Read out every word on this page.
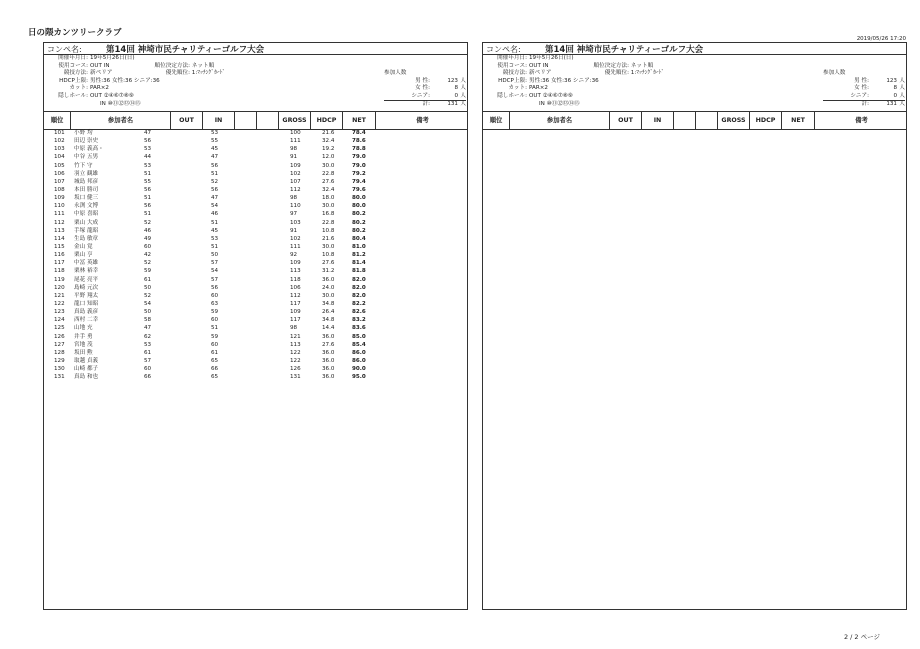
日の隈カンツリークラブ
2019/05/26 17:20
コンペ名:	第14回 神埼市民チャリティーゴルフ大会
開催年月日: 19年5月26日(日)
使用コース: OUT IN
競技方法: 新ペリア
HDCP上限: 男性:36 女性:36 シニア:36
カット: PAR×2
隠しホール: OUT ②④⑥⑦⑧⑨
IN ⑩⑪⑫⑬⑭⑮
順位決定方法: ネット順
優先順位: 1:ﾏｯﾁﾝｸﾞｶｰﾄﾞ	参加人数
男 性:	123 人
女 性:	8 人
シニア:	0 人
計:	131 人
順位	参加者名	OUT	IN	GROSS	HDCP	NET	備考
101 小野 均	47	53	100	21.6	78.4
102 田辺 崇史	56	55	111	32.4	78.6
103 中原 義高・	53	45	98	19.2	78.8
104 中谷 五男	44	47	91	12.0	79.0
105 竹下 守	53	56	109	30.0	79.0
106 羽立 観雄	51	51	102	22.8	79.2
107 城島 邦彦	55	52	107	27.6	79.4
108 本田 勝司	56	56	112	32.4	79.6
109 坂口 健三	51	47	98	18.0	80.0
110 永渕 文博	56	54	110	30.0	80.0
111 中原 喜昭	51	46	97	16.8	80.2
112 栗山 大成	52	51	103	22.8	80.2
113 手塚 龍昭	46	45	91	10.8	80.2
114 生島 敏章	49	53	102	21.6	80.4
115 金山 覚	60	51	111	30.0	81.0
116 栗山 亨	42	50	92	10.8	81.2
117 中冨 英雄	52	57	109	27.6	81.4
118 栗林 裕幸	59	54	113	31.2	81.8
119 尾花 亮平	61	57	118	36.0	82.0
120 島崎 元次	50	56	106	24.0	82.0
121 平野 翔太	52	60	112	30.0	82.0
122 龍口 知昭	54	63	117	34.8	82.2
123 真島 義彦	50	59	109	26.4	82.6
124 西村 二幸	58	60	117	34.8	83.2
125 山地 充	47	51	98	14.4	83.6
126 井手 勇	62	59	121	36.0	85.0
127 宮地 茂	53	60	113	27.6	85.4
128 坂田 勲	61	61	122	36.0	86.0
129 取越 貞義	57	65	122	36.0	86.0
130 山崎 都子	60	66	126	36.0	90.0
131 真島 和也	66	65	131	36.0	95.0
コンペ名:	第14回 神埼市民チャリティーゴルフ大会
開催年月日: 19年5月26日(日)
使用コース: OUT IN
競技方法: 新ペリア
HDCP上限: 男性:36 女性:36 シニア:36
カット: PAR×2
隠しホール: OUT ②④⑥⑦⑧⑨
IN ⑩⑪⑫⑬⑭⑮
順位決定方法: ネット順
優先順位: 1:ﾏｯﾁﾝｸﾞｶｰﾄﾞ	参加人数
男 性:	123 人
女 性:	8 人
シニア:	0 人
計:	131 人
順位	参加者名	OUT	IN	GROSS	HDCP	NET	備考
2 / 2 ページ
